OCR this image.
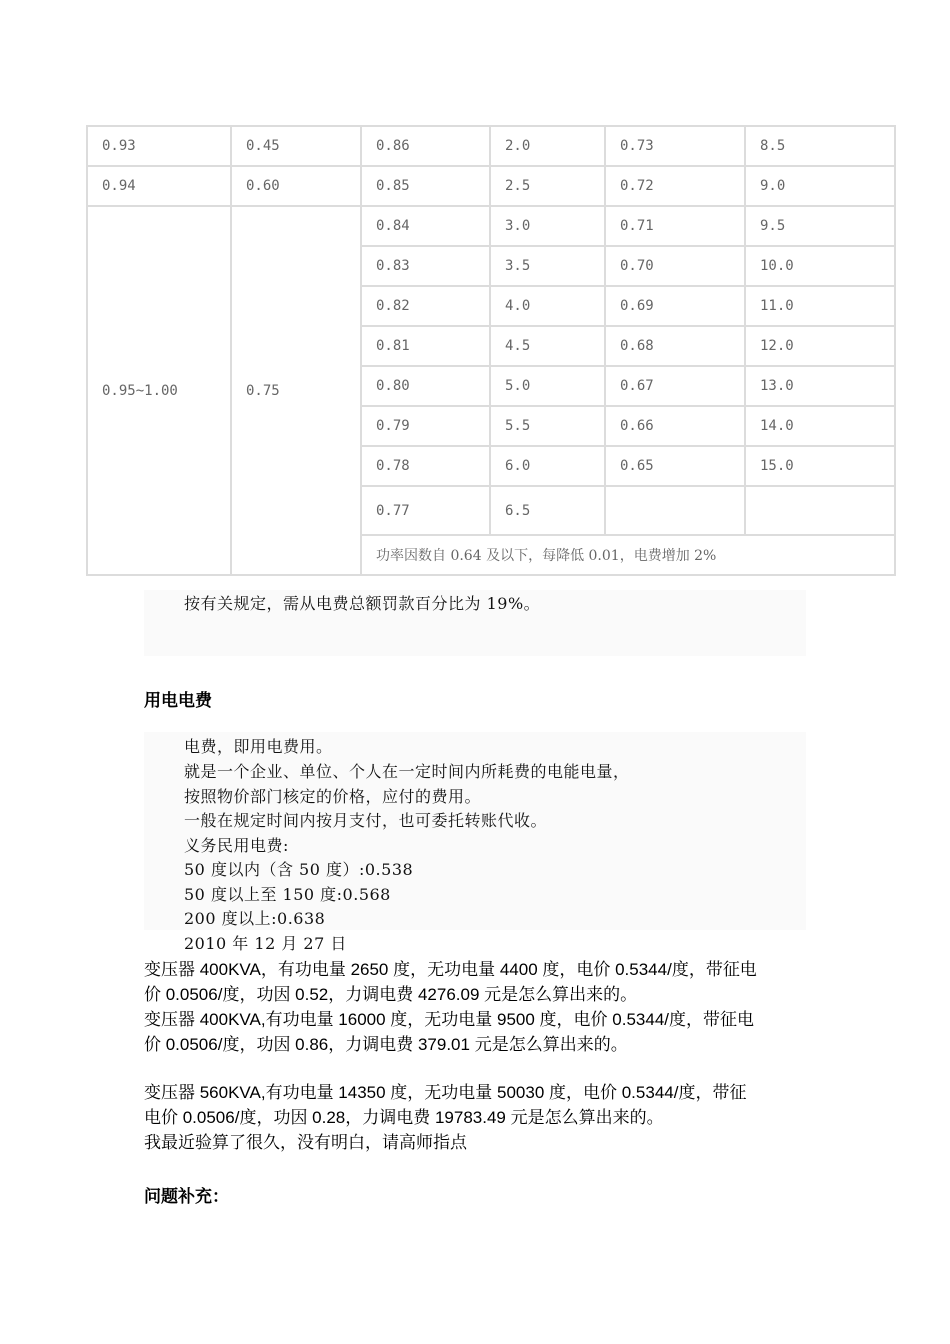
0.93	0.45	0.86	2.0	0.73	8.5
0.94	0.60	0.85	2.5	0.72	9.0
0.95~1.00	0.75	0.84	3.0	0.71	9.5
		0.83	3.5	0.70	10.0
		0.82	4.0	0.69	11.0
		0.81	4.5	0.68	12.0
		0.80	5.0	0.67	13.0
		0.79	5.5	0.66	14.0
		0.78	6.0	0.65	15.0
		0.77	6.5		
		功率因数自 0.64 及以下，每降低 0.01，电费增加 2%			
按有关规定，需从电费总额罚款百分比为 19%。
用电电费
电费，即用电费用。
就是一个企业、单位、个人在一定时间内所耗费的电能电量，
按照物价部门核定的价格，应付的费用。
一般在规定时间内按月支付，也可委托转账代收。
义务民用电费:
50 度以内（含 50 度）:0.538
50 度以上至 150 度:0.568
200 度以上:0.638
2010 年 12 月 27 日
变压器 400KVA，有功电量 2650 度，无功电量 4400 度，电价 0.5344/度，带征电
价 0.0506/度，功因 0.52，力调电费 4276.09 元是怎么算出来的。
变压器 400KVA,有功电量 16000 度，无功电量 9500 度，电价 0.5344/度，带征电
价 0.0506/度，功因 0.86，力调电费 379.01 元是怎么算出来的。
变压器 560KVA,有功电量 14350 度，无功电量 50030 度，电价 0.5344/度，带征
电价 0.0506/度，功因 0.28，力调电费 19783.49 元是怎么算出来的。
我最近验算了很久，没有明白，请高师指点
问题补充：
